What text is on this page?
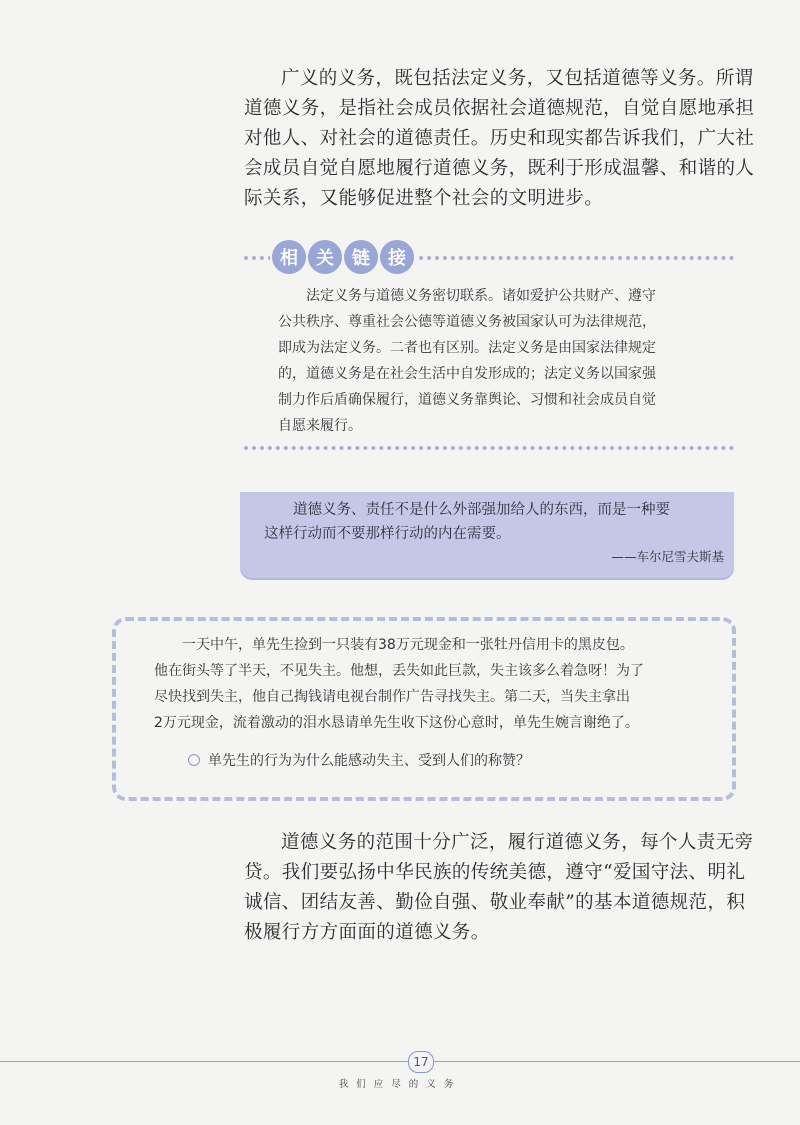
广义的义务，既包括法定义务，又包括道德等义务。所谓
道德义务，是指社会成员依据社会道德规范，自觉自愿地承担
对他人、对社会的道德责任。历史和现实都告诉我们，广大社
会成员自觉自愿地履行道德义务，既利于形成温馨、和谐的人
际关系，又能够促进整个社会的文明进步。

相	关	链	接
法定义务与道德义务密切联系。诸如爱护公共财产、遵守
公共秩序、尊重社会公德等道德义务被国家认可为法律规范，
即成为法定义务。二者也有区别。法定义务是由国家法律规定
的，道德义务是在社会生活中自发形成的；法定义务以国家强
制力作后盾确保履行，道德义务靠舆论、习惯和社会成员自觉
自愿来履行。
道德义务、责任不是什么外部强加给人的东西，而是一种要
这样行动而不要那样行动的内在需要。
——车尔尼雪夫斯基
一天中午，单先生捡到一只装有38万元现金和一张牡丹信用卡的黑皮包。
他在街头等了半天，不见失主。他想，丢失如此巨款，失主该多么着急呀！为了
尽快找到失主，他自己掏钱请电视台制作广告寻找失主。第二天，当失主拿出
2万元现金，流着激动的泪水恳请单先生收下这份心意时，单先生婉言谢绝了。
单先生的行为为什么能感动失主、受到人们的称赞？

道德义务的范围十分广泛，履行道德义务，每个人责无旁
贷。我们要弘扬中华民族的传统美德，遵守“爱国守法、明礼
诚信、团结友善、勤俭自强、敬业奉献”的基本道德规范，积
极履行方方面面的道德义务。

17
我们应尽的义务
